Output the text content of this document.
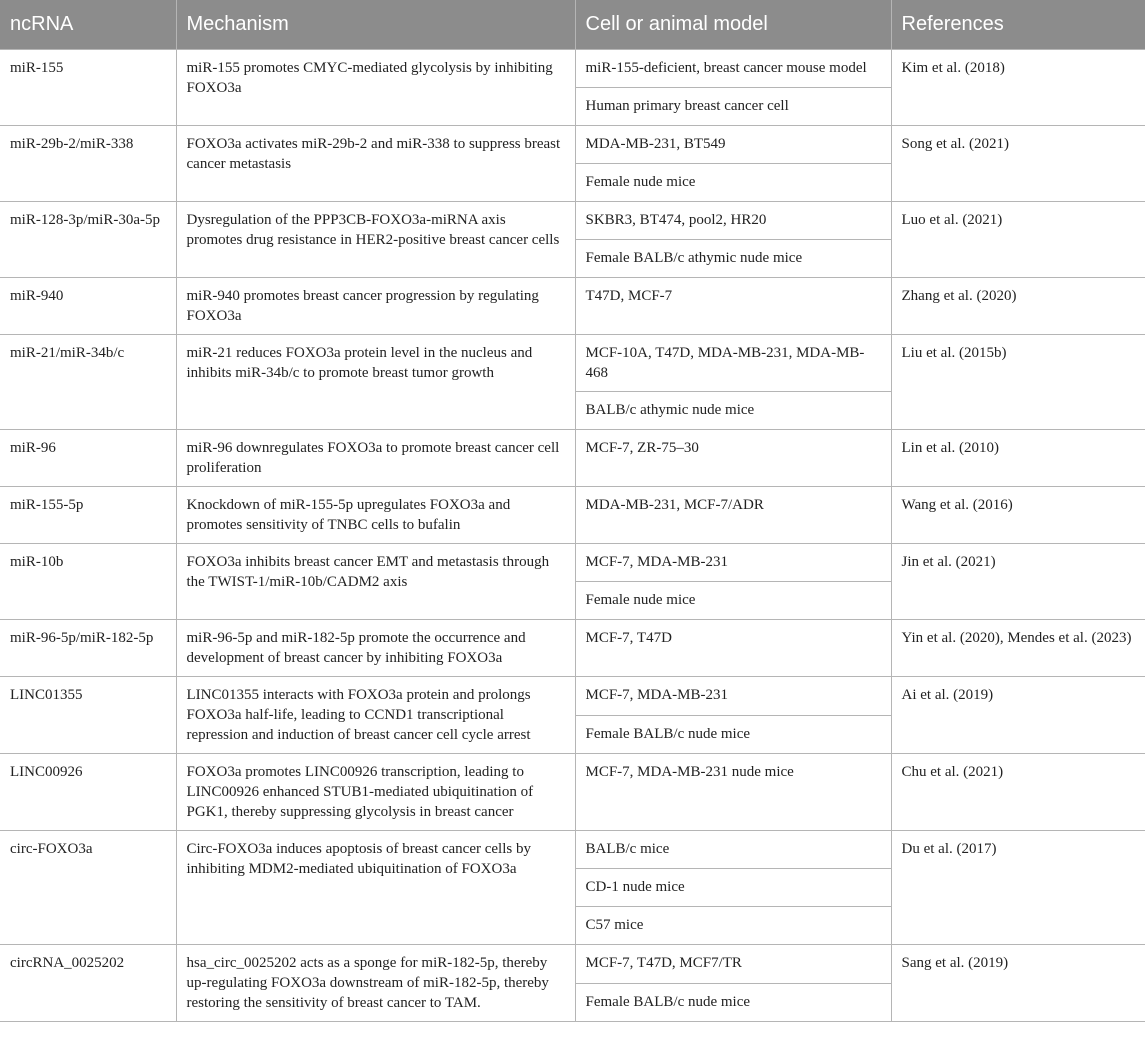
ncRNA	Mechanism	Cell or animal model	References
miR-155	miR-155 promotes CMYC-mediated glycolysis by inhibiting FOXO3a	miR-155-deficient, breast cancer mouse model	Kim et al. (2018)
		Human primary breast cancer cell	
miR-29b-2/miR-338	FOXO3a activates miR-29b-2 and miR-338 to suppress breast cancer metastasis	MDA-MB-231, BT549	Song et al. (2021)
		Female nude mice	
miR-128-3p/miR-30a-5p	Dysregulation of the PPP3CB-FOXO3a-miRNA axis promotes drug resistance in HER2-positive breast cancer cells	SKBR3, BT474, pool2, HR20	Luo et al. (2021)
		Female BALB/c athymic nude mice	
miR-940	miR-940 promotes breast cancer progression by regulating FOXO3a	T47D, MCF-7	Zhang et al. (2020)
miR-21/miR-34b/c	miR-21 reduces FOXO3a protein level in the nucleus and inhibits miR-34b/c to promote breast tumor growth	MCF-10A, T47D, MDA-MB-231, MDA-MB-468	Liu et al. (2015b)
		BALB/c athymic nude mice	
miR-96	miR-96 downregulates FOXO3a to promote breast cancer cell proliferation	MCF-7, ZR-75–30	Lin et al. (2010)
miR-155-5p	Knockdown of miR-155-5p upregulates FOXO3a and promotes sensitivity of TNBC cells to bufalin	MDA-MB-231, MCF-7/ADR	Wang et al. (2016)
miR-10b	FOXO3a inhibits breast cancer EMT and metastasis through the TWIST-1/miR-10b/CADM2 axis	MCF-7, MDA-MB-231	Jin et al. (2021)
		Female nude mice	
miR-96-5p/miR-182-5p	miR-96-5p and miR-182-5p promote the occurrence and development of breast cancer by inhibiting FOXO3a	MCF-7, T47D	Yin et al. (2020), Mendes et al. (2023)
LINC01355	LINC01355 interacts with FOXO3a protein and prolongs FOXO3a half-life, leading to CCND1 transcriptional repression and induction of breast cancer cell cycle arrest	MCF-7, MDA-MB-231	Ai et al. (2019)
		Female BALB/c nude mice	
LINC00926	FOXO3a promotes LINC00926 transcription, leading to LINC00926 enhanced STUB1-mediated ubiquitination of PGK1, thereby suppressing glycolysis in breast cancer	MCF-7, MDA-MB-231 nude mice	Chu et al. (2021)
circ-FOXO3a	Circ-FOXO3a induces apoptosis of breast cancer cells by inhibiting MDM2-mediated ubiquitination of FOXO3a	BALB/c mice	Du et al. (2017)
		CD-1 nude mice	
		C57 mice	
circRNA_0025202	hsa_circ_0025202 acts as a sponge for miR-182-5p, thereby up-regulating FOXO3a downstream of miR-182-5p, thereby restoring the sensitivity of breast cancer to TAM.	MCF-7, T47D, MCF7/TR	Sang et al. (2019)
		Female BALB/c nude mice	
